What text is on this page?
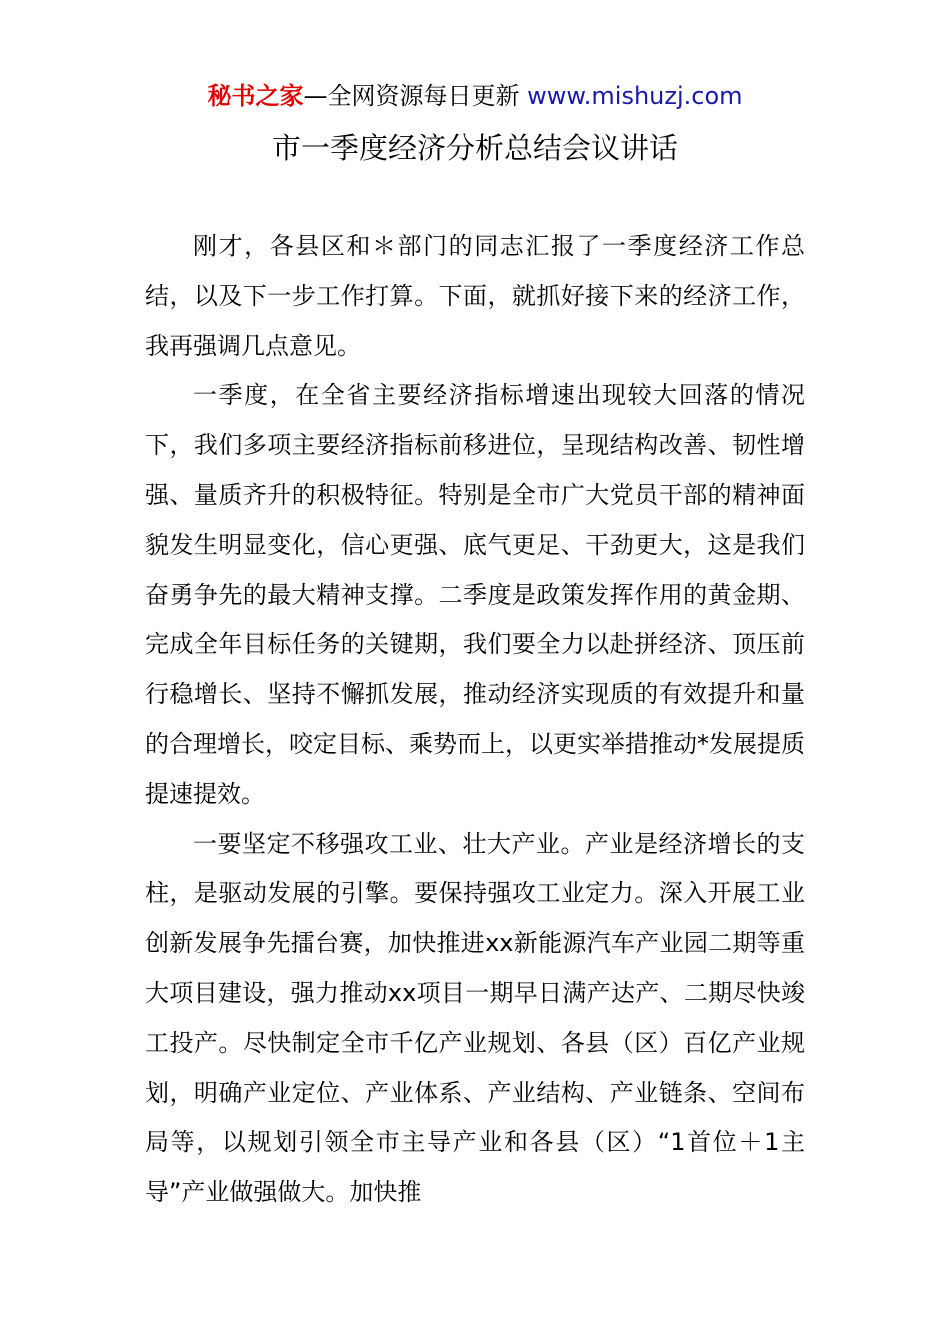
秘书之家—全网资源每日更新 www.mishuzj.com
市一季度经济分析总结会议讲话

刚才，各县区和＊部门的同志汇报了一季度经济工作总结，以及下一步工作打算。下面，就抓好接下来的经济工作，我再强调几点意见。

一季度，在全省主要经济指标增速出现较大回落的情况下，我们多项主要经济指标前移进位，呈现结构改善、韧性增强、量质齐升的积极特征。特别是全市广大党员干部的精神面貌发生明显变化，信心更强、底气更足、干劲更大，这是我们奋勇争先的最大精神支撑。二季度是政策发挥作用的黄金期、完成全年目标任务的关键期，我们要全力以赴拼经济、顶压前行稳增长、坚持不懈抓发展，推动经济实现质的有效提升和量的合理增长，咬定目标、乘势而上，以更实举措推动*发展提质提速提效。

一要坚定不移强攻工业、壮大产业。产业是经济增长的支柱，是驱动发展的引擎。要保持强攻工业定力。深入开展工业创新发展争先擂台赛，加快推进xx新能源汽车产业园二期等重大项目建设，强力推动xx项目一期早日满产达产、二期尽快竣工投产。尽快制定全市千亿产业规划、各县（区）百亿产业规划，明确产业定位、产业体系、产业结构、产业链条、空间布局等，以规划引领全市主导产业和各县（区）“1首位＋1主导”产业做强做大。加快推
